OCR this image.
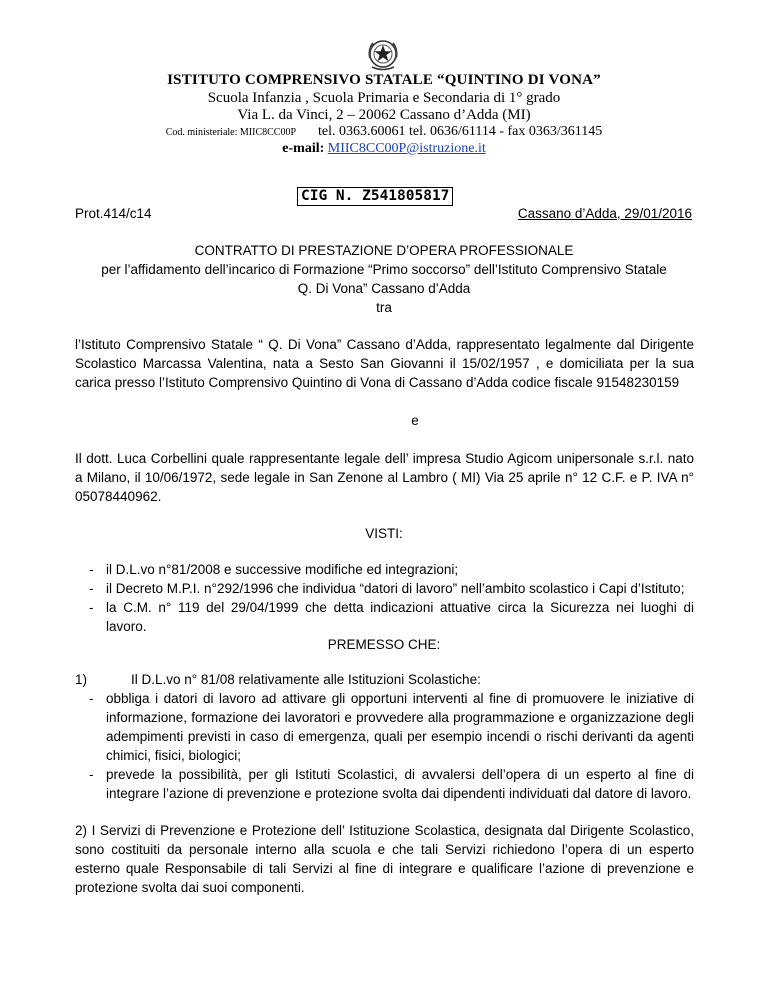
ISTITUTO COMPRENSIVO STATALE “QUINTINO DI VONA”
Scuola Infanzia , Scuola Primaria e Secondaria di 1° grado
Via L. da Vinci, 2 – 20062 Cassano d’Adda (MI)
Cod. ministeriale: MIIC8CC00P tel. 0363.60061 tel. 0636/61114 - fax 0363/361145
e-mail: MIIC8CC00P@istruzione.it
CIG N. Z541805817
Prot.414/c14	Cassano d’Adda, 29/01/2016
CONTRATTO DI PRESTAZIONE D’OPERA PROFESSIONALE
per l’affidamento dell’incarico di Formazione “Primo soccorso” dell’Istituto Comprensivo Statale
Q. Di Vona” Cassano d’Adda
tra
l’Istituto Comprensivo Statale “ Q. Di Vona” Cassano d’Adda, rappresentato legalmente dal Dirigente Scolastico Marcassa Valentina, nata a Sesto San Giovanni il 15/02/1957 , e domiciliata per la sua carica presso l’Istituto Comprensivo Quintino di Vona di Cassano d’Adda codice fiscale 91548230159
e
Il dott. Luca Corbellini quale rappresentante legale dell’ impresa Studio Agicom unipersonale s.r.l. nato a Milano, il 10/06/1972, sede legale in San Zenone al Lambro ( MI) Via 25 aprile n° 12 C.F. e P. IVA n° 05078440962.
VISTI:
- il D.L.vo n°81/2008 e successive modifiche ed integrazioni;
- il Decreto M.P.I. n°292/1996 che individua “datori di lavoro” nell’ambito scolastico i Capi d’Istituto;
- la C.M. n° 119 del 29/04/1999 che detta indicazioni attuative circa la Sicurezza nei luoghi di lavoro.
PREMESSO CHE:
1)	Il D.L.vo n° 81/08 relativamente alle Istituzioni Scolastiche:
- obbliga i datori di lavoro ad attivare gli opportuni interventi al fine di promuovere le iniziative di informazione, formazione dei lavoratori e provvedere alla programmazione e organizzazione degli adempimenti previsti in caso di emergenza, quali per esempio incendi o rischi derivanti da agenti chimici, fisici, biologici;
- prevede la possibilità, per gli Istituti Scolastici, di avvalersi dell’opera di un esperto al fine di integrare l’azione di prevenzione e protezione svolta dai dipendenti individuati dal datore di lavoro.
2) I Servizi di Prevenzione e Protezione dell’ Istituzione Scolastica, designata dal Dirigente Scolastico, sono costituiti da personale interno alla scuola e che tali Servizi richiedono l’opera di un esperto esterno quale Responsabile di tali Servizi al fine di integrare e qualificare l’azione di prevenzione e protezione svolta dai suoi componenti.
